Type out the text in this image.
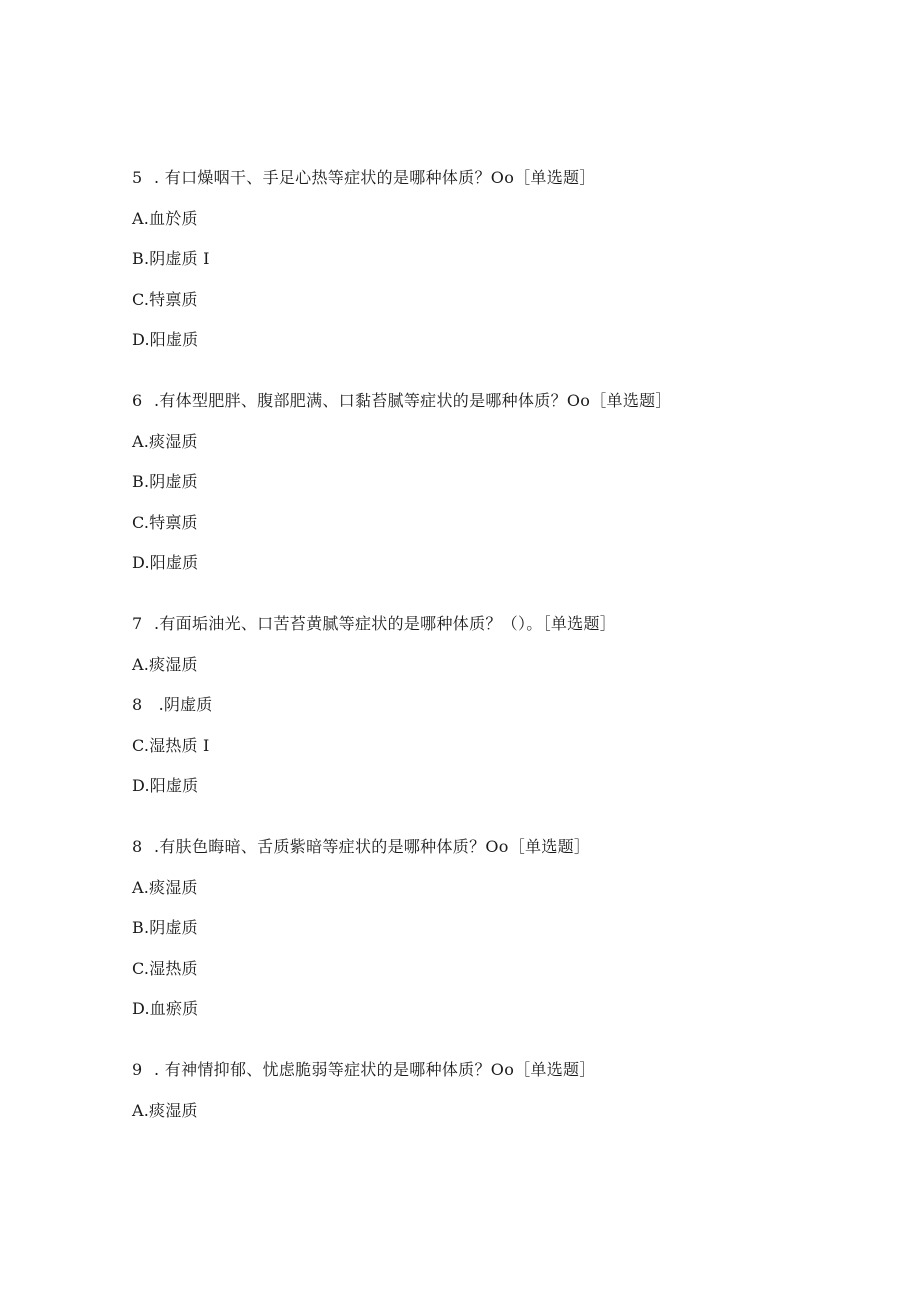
5 . 有口燥咽干、手足心热等症状的是哪种体质？Oo［单选题］
A.血於质
B.阴虚质 I
C.特禀质
D.阳虚质
6 .有体型肥胖、腹部肥满、口黏苔腻等症状的是哪种体质？Oo［单选题］
A.痰湿质
B.阴虚质
C.特禀质
D.阳虚质
7 .有面垢油光、口苦苔黄腻等症状的是哪种体质？（）。［单选题］
A.痰湿质
8　.阴虚质
C.湿热质 I
D.阳虚质
8 .有肤色晦暗、舌质紫暗等症状的是哪种体质？Oo［单选题］
A.痰湿质
B.阴虚质
C.湿热质
D.血瘀质
9 . 有神情抑郁、忧虑脆弱等症状的是哪种体质？Oo［单选题］
A.痰湿质
